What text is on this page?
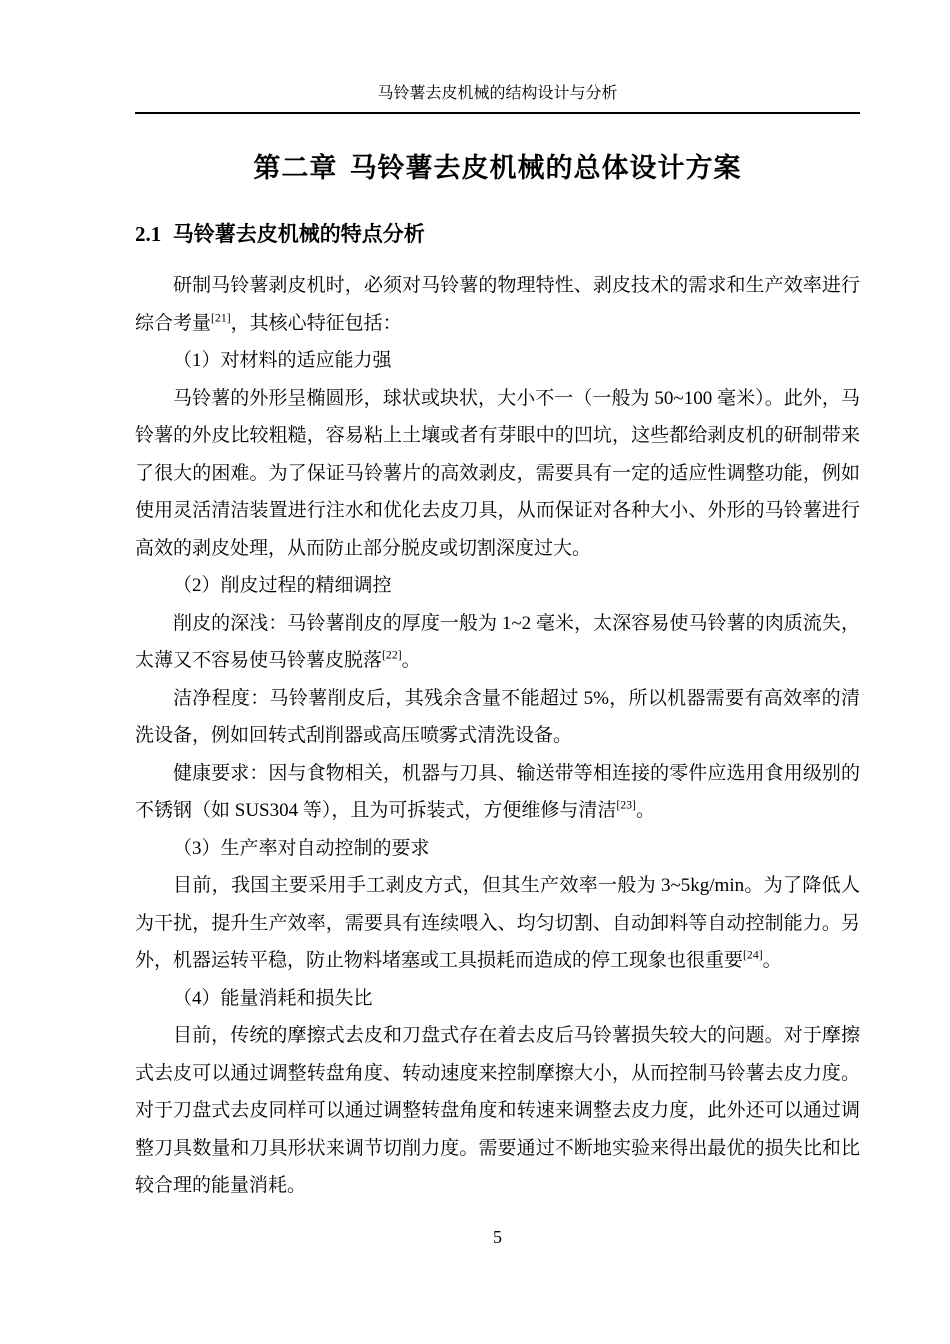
马铃薯去皮机械的结构设计与分析
第二章 马铃薯去皮机械的总体设计方案
2.1 马铃薯去皮机械的特点分析

研制马铃薯剥皮机时，必须对马铃薯的物理特性、剥皮技术的需求和生产效率进行综合考量[21]，其核心特征包括：

（1）对材料的适应能力强

马铃薯的外形呈椭圆形，球状或块状，大小不一（一般为 50~100 毫米）。此外，马铃薯的外皮比较粗糙，容易粘上土壤或者有芽眼中的凹坑，这些都给剥皮机的研制带来了很大的困难。为了保证马铃薯片的高效剥皮，需要具有一定的适应性调整功能，例如使用灵活清洁装置进行注水和优化去皮刀具，从而保证对各种大小、外形的马铃薯进行高效的剥皮处理，从而防止部分脱皮或切割深度过大。

（2）削皮过程的精细调控

削皮的深浅：马铃薯削皮的厚度一般为 1~2 毫米，太深容易使马铃薯的肉质流失，太薄又不容易使马铃薯皮脱落[22]。

洁净程度：马铃薯削皮后，其残余含量不能超过 5%，所以机器需要有高效率的清洗设备，例如回转式刮削器或高压喷雾式清洗设备。

健康要求：因与食物相关，机器与刀具、输送带等相连接的零件应选用食用级别的不锈钢（如 SUS304 等），且为可拆装式，方便维修与清洁[23]。

（3）生产率对自动控制的要求

目前，我国主要采用手工剥皮方式，但其生产效率一般为 3~5kg/min。为了降低人为干扰，提升生产效率，需要具有连续喂入、均匀切割、自动卸料等自动控制能力。另外，机器运转平稳，防止物料堵塞或工具损耗而造成的停工现象也很重要[24]。

（4）能量消耗和损失比

目前，传统的摩擦式去皮和刀盘式存在着去皮后马铃薯损失较大的问题。对于摩擦式去皮可以通过调整转盘角度、转动速度来控制摩擦大小，从而控制马铃薯去皮力度。对于刀盘式去皮同样可以通过调整转盘角度和转速来调整去皮力度，此外还可以通过调整刀具数量和刀具形状来调节切削力度。需要通过不断地实验来得出最优的损失比和比较合理的能量消耗。

5
